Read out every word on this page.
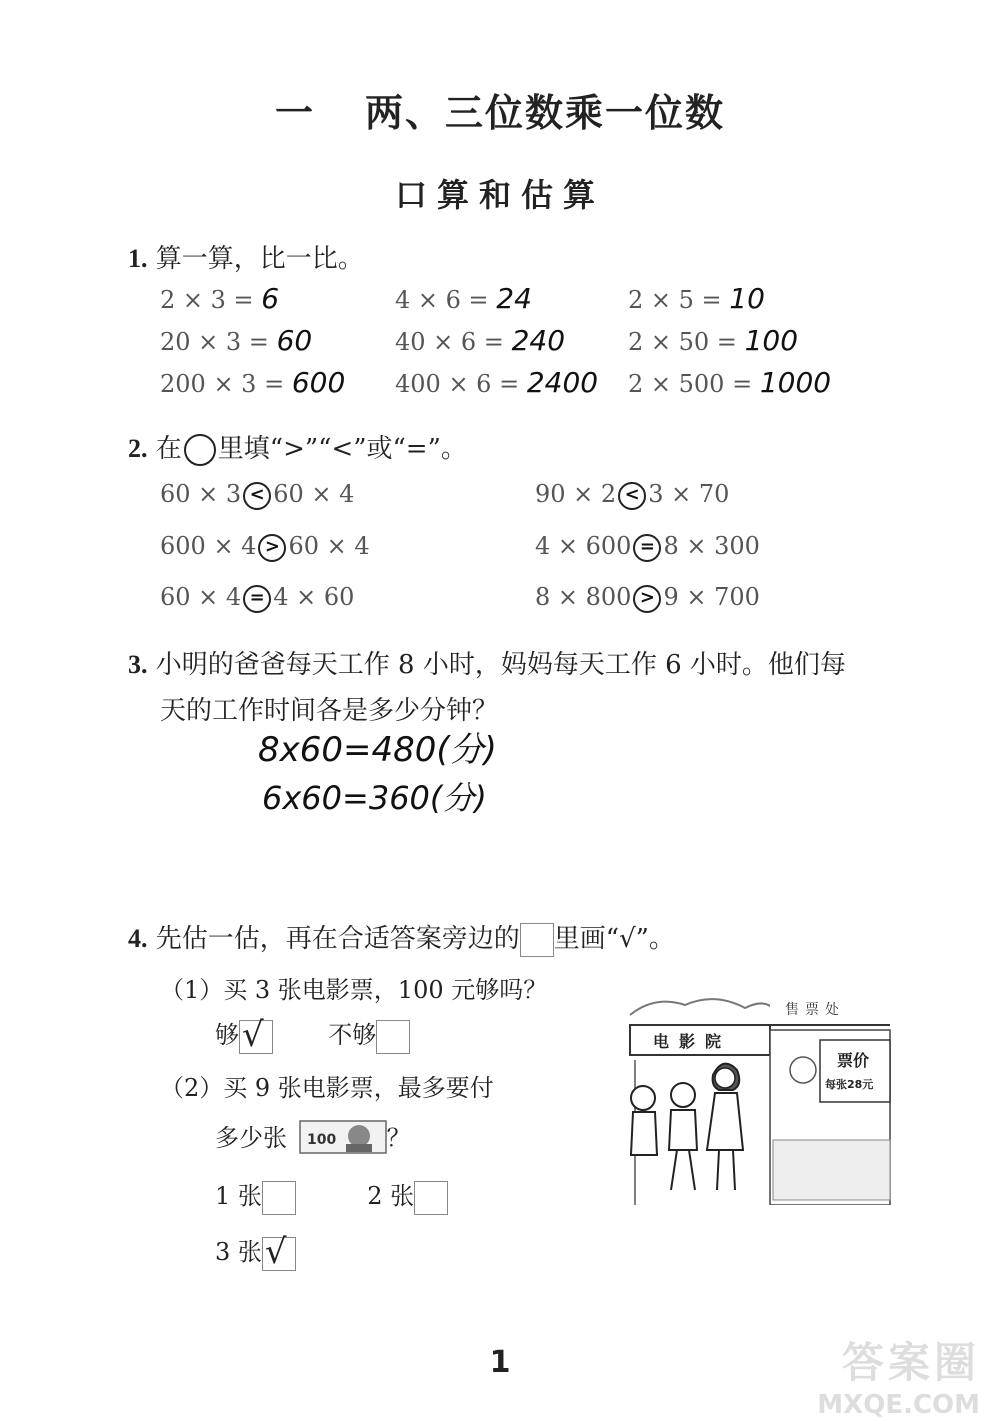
一 两、三位数乘一位数
口算和估算
1. 算一算，比一比。
2 × 3 = 6	4 × 6 = 24	2 × 5 = 10
20 × 3 = 60	40 × 6 = 240	2 × 50 = 100
200 × 3 = 600 400 × 6 = 2400 2 × 500 = 1000
2. 在 里填“>”“<”或“=”。
60 × 3 < 60 × 4	90 × 2 < 3 × 70
600 × 4 > 60 × 4	4 × 600 = 8 × 300
60 × 4 = 4 × 60	8 × 800 > 9 × 700
3. 小明的爸爸每天工作 8 小时，妈妈每天工作 6 小时。他们每
天的工作时间各是多少分钟？
8x60=480(分)
6x60=360(分)
4. 先估一估，再在合适答案旁边的 里画“√”。
（1）买 3 张电影票，100 元够吗？
够 √	不够
（2）买 9 张电影票，最多要付
多少张 100 ？
1 张	2 张
3 张 √
售票处
电影院
票价
每张28元
1	答案圈
MXQE.COM
